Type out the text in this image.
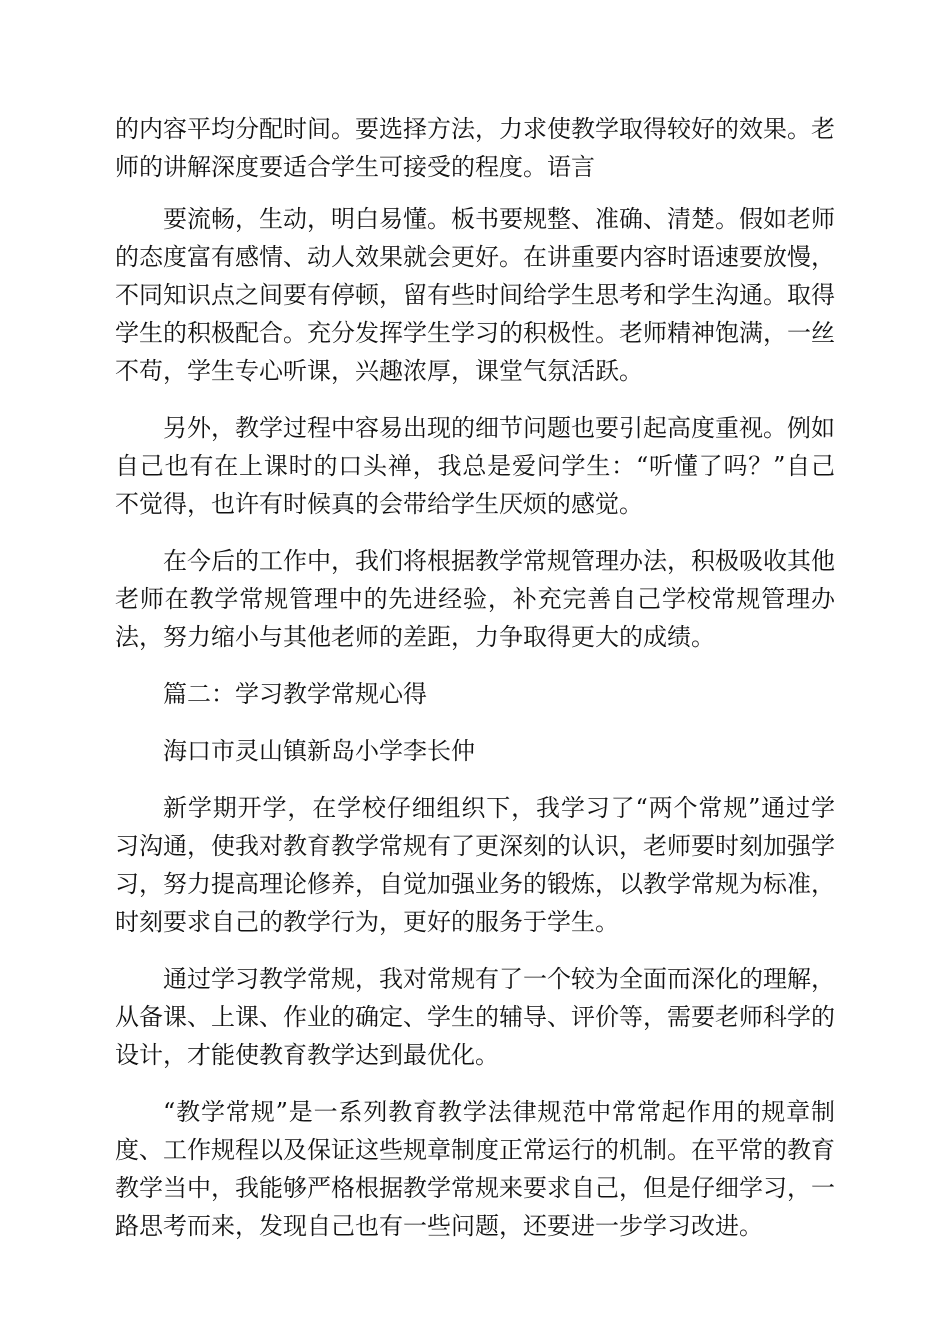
的内容平均分配时间。要选择方法，力求使教学取得较好的效果。老师的讲解深度要适合学生可接受的程度。语言

要流畅，生动，明白易懂。板书要规整、准确、清楚。假如老师的态度富有感情、动人效果就会更好。在讲重要内容时语速要放慢，不同知识点之间要有停顿，留有些时间给学生思考和学生沟通。取得学生的积极配合。充分发挥学生学习的积极性。老师精神饱满，一丝不苟，学生专心听课，兴趣浓厚，课堂气氛活跃。

另外，教学过程中容易出现的细节问题也要引起高度重视。例如自己也有在上课时的口头禅，我总是爱问学生：“听懂了吗？”自己不觉得，也许有时候真的会带给学生厌烦的感觉。

在今后的工作中，我们将根据教学常规管理办法，积极吸收其他老师在教学常规管理中的先进经验，补充完善自己学校常规管理办法，努力缩小与其他老师的差距，力争取得更大的成绩。

篇二：学习教学常规心得

海口市灵山镇新岛小学李长仲

新学期开学，在学校仔细组织下，我学习了“两个常规”通过学习沟通，使我对教育教学常规有了更深刻的认识，老师要时刻加强学习，努力提高理论修养，自觉加强业务的锻炼，以教学常规为标准，时刻要求自己的教学行为，更好的服务于学生。

通过学习教学常规，我对常规有了一个较为全面而深化的理解，从备课、上课、作业的确定、学生的辅导、评价等，需要老师科学的设计，才能使教育教学达到最优化。

“教学常规”是一系列教育教学法律规范中常常起作用的规章制度、工作规程以及保证这些规章制度正常运行的机制。在平常的教育教学当中，我能够严格根据教学常规来要求自己，但是仔细学习，一路思考而来，发现自己也有一些问题，还要进一步学习改进。
